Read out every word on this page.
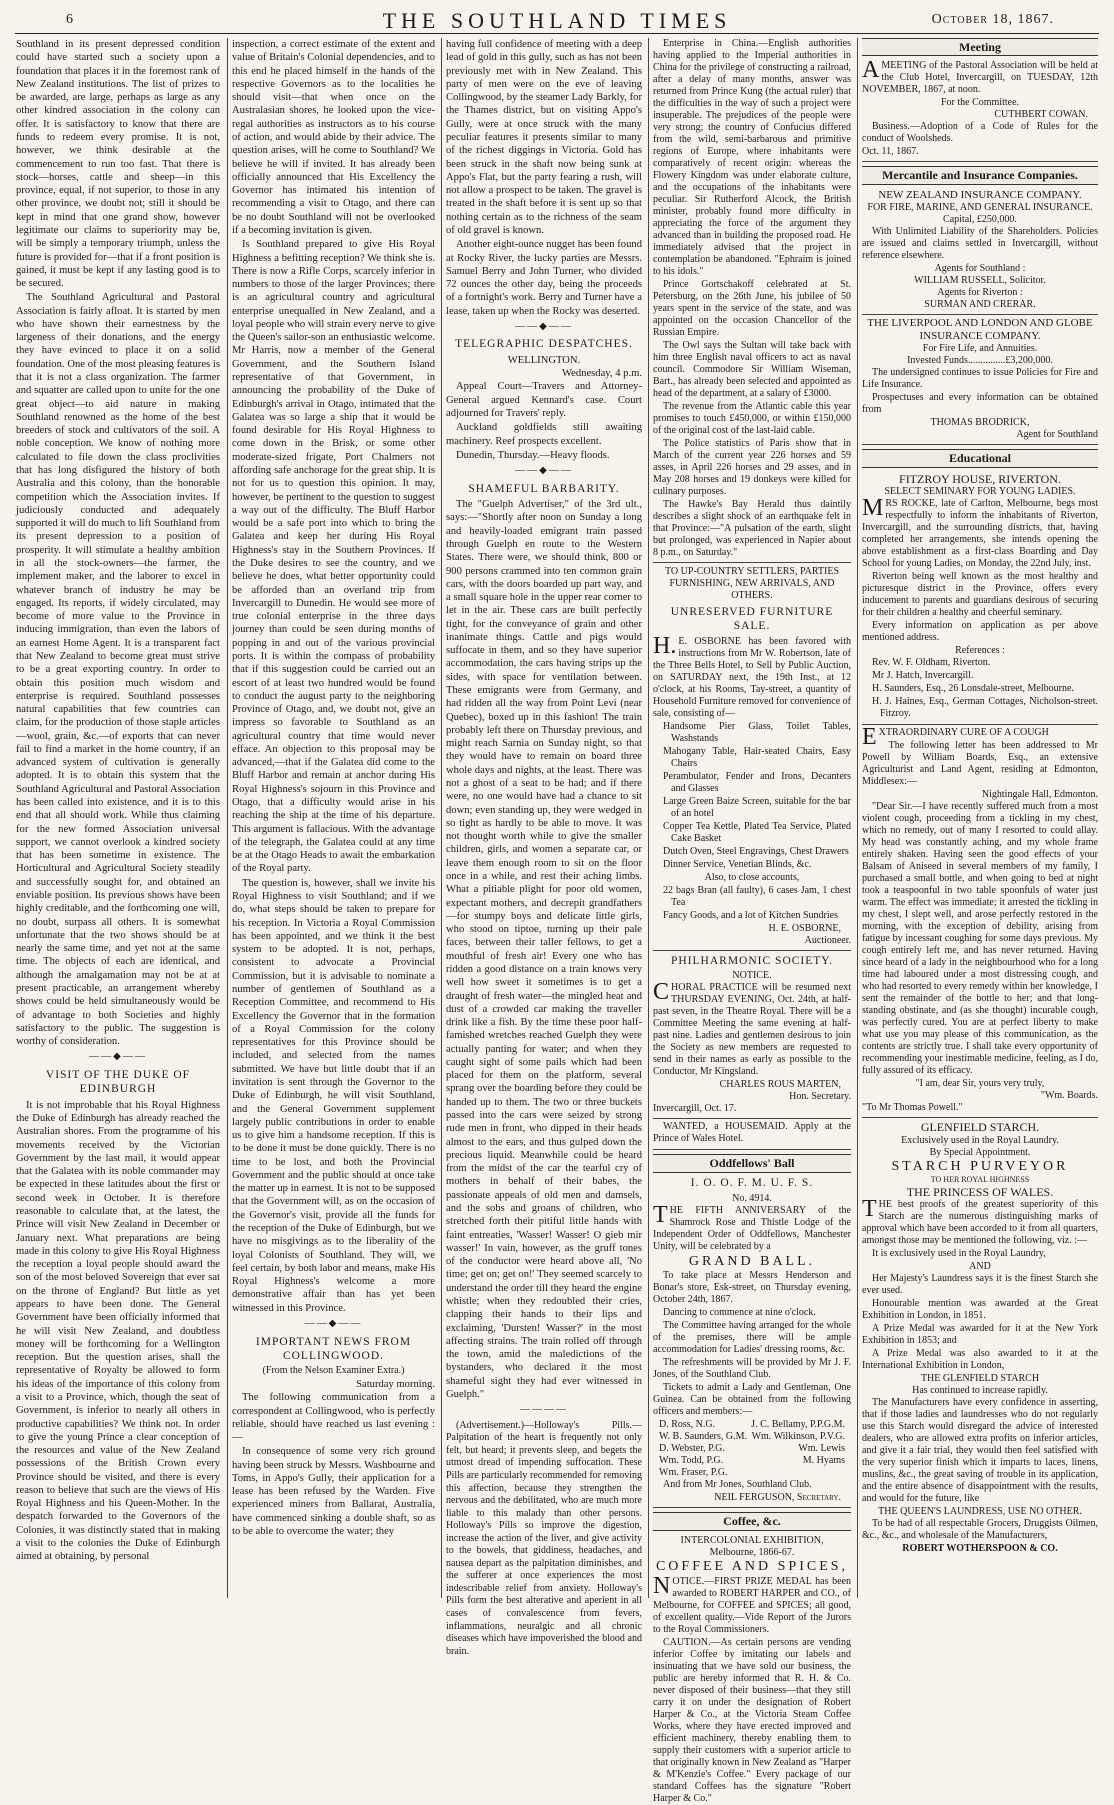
6	THE SOUTHLAND TIMES	October 18, 1867.

Southland in its present depressed condition could have started such a society upon a foundation that places it in the foremost rank of New Zealand institutions. The list of prizes to be awarded, are large, perhaps as large as any other kindred association in the colony can offer. It is satisfactory to know that there are funds to redeem every promise. It is not, however, we think desirable at the commencement to run too fast. That there is stock—horses, cattle and sheep—in this province, equal, if not superior, to those in any other province, we doubt not; still it should be kept in mind that one grand show, however legitimate our claims to superiority may be, will be simply a temporary triumph, unless the future is provided for—that if a front position is gained, it must be kept if any lasting good is to be secured.

The Southland Agricultural and Pastoral Association is fairly afloat. It is started by men who have shown their earnestness by the largeness of their donations, and the energy they have evinced to place it on a solid foundation. One of the most pleasing features is that it is not a class organization. The farmer and squatter are called upon to unite for the one great object—to aid nature in making Southland renowned as the home of the best breeders of stock and cultivators of the soil. A noble conception. We know of nothing more calculated to file down the class proclivities that has long disfigured the history of both Australia and this colony, than the honorable competition which the Association invites. If judiciously conducted and adequately supported it will do much to lift Southland from its present depression to a position of prosperity. It will stimulate a healthy ambition in all the stock-owners—the farmer, the implement maker, and the laborer to excel in whatever branch of industry he may be engaged. Its reports, if widely circulated, may become of more value to the Province in inducing immigration, than even the labors of an earnest Home Agent. It is a transparent fact that New Zealand to become great must strive to be a great exporting country. In order to obtain this position much wisdom and enterprise is required. Southland possesses natural capabilities that few countries can claim, for the production of those staple articles—wool, grain, &c.—of exports that can never fail to find a market in the home country, if an advanced system of cultivation is generally adopted. It is to obtain this system that the Southland Agricultural and Pastoral Association has been called into existence, and it is to this end that all should work. While thus claiming for the new formed Association universal support, we cannot overlook a kindred society that has been sometime in existence. The Horticultural and Agricultural Society steadily and successfully sought for, and obtained an enviable position. Its previous shows have been highly creditable, and the forthcoming one will, no doubt, surpass all others. It is somewhat unfortunate that the two shows should be at nearly the same time, and yet not at the same time. The objects of each are identical, and although the amalgamation may not be at at present practicable, an arrangement whereby shows could be held simultaneously would be of advantage to both Societies and highly satisfactory to the public. The suggestion is worthy of consideration.

——◆——
VISIT OF THE DUKE OF EDINBURGH

It is not improbable that his Royal Highness the Duke of Edinburgh has already reached the Australian shores. From the programme of his movements received by the Victorian Government by the last mail, it would appear that the Galatea with its noble commander may be expected in these latitudes about the first or second week in October. It is therefore reasonable to calculate that, at the latest, the Prince will visit New Zealand in December or January next. What preparations are being made in this colony to give His Royal Highness the reception a loyal people should award the son of the most beloved Sovereign that ever sat on the throne of England? But little as yet appears to have been done. The General Government have been officially informed that he will visit New Zealand, and doubtless money will be forthcoming for a Wellington reception. But the question arises, shall the representative of Royalty be allowed to form his ideas of the importance of this colony from a visit to a Province, which, though the seat of Government, is inferior to nearly all others in productive capabilities? We think not. In order to give the young Prince a clear conception of the resources and value of the New Zealand possessions of the British Crown every Province should be visited, and there is every reason to believe that such are the views of His Royal Highness and his Queen-Mother. In the despatch forwarded to the Governors of the Colonies, it was distinctly stated that in making a visit to the colonies the Duke of Edinburgh aimed at obtaining, by personal

inspection, a correct estimate of the extent and value of Britain's Colonial dependencies, and to this end he placed himself in the hands of the respective Governors as to the localities he should visit—that when once on the Australasian shores, he looked upon the vice-regal authorities as instructors as to his course of action, and would abide by their advice. The question arises, will he come to Southland? We believe he will if invited. It has already been officially announced that His Excellency the Governor has intimated his intention of recommending a visit to Otago, and there can be no doubt Southland will not be overlooked if a becoming invitation is given.

Is Southland prepared to give His Royal Highness a befitting reception? We think she is. There is now a Rifle Corps, scarcely inferior in numbers to those of the larger Provinces; there is an agricultural country and agricultural enterprise unequalled in New Zealand, and a loyal people who will strain every nerve to give the Queen's sailor-son an enthusiastic welcome. Mr Harris, now a member of the General Government, and the Southern Island representative of that Government, in announcing the probability of the Duke of Edinburgh's arrival in Otago, intimated that the Galatea was so large a ship that it would be found desirable for His Royal Highness to come down in the Brisk, or some other moderate-sized frigate, Port Chalmers not affording safe anchorage for the great ship. It is not for us to question this opinion. It may, however, be pertinent to the question to suggest a way out of the difficulty. The Bluff Harbor would be a safe port into which to bring the Galatea and keep her during His Royal Highness's stay in the Southern Provinces. If the Duke desires to see the country, and we believe he does, what better opportunity could be afforded than an overland trip from Invercargill to Dunedin. He would see more of true colonial enterprise in the three days journey than could be seen during months of popping in and out of the various provincial ports. It is within the compass of probability that if this suggestion could be carried out an escort of at least two hundred would be found to conduct the august party to the neighboring Province of Otago, and, we doubt not, give an impress so favorable to Southland as an agricultural country that time would never efface. An objection to this proposal may be advanced,—that if the Galatea did come to the Bluff Harbor and remain at anchor during His Royal Highness's sojourn in this Province and Otago, that a difficulty would arise in his reaching the ship at the time of his departure. This argument is fallacious. With the advantage of the telegraph, the Galatea could at any time be at the Otago Heads to await the embarkation of the Royal party.

The question is, however, shall we invite his Royal Highness to visit Southland; and if we do, what steps should be taken to prepare for his reception. In Victoria a Royal Commission has been appointed, and we think it the best system to be adopted. It is not, perhaps, consistent to advocate a Provincial Commission, but it is advisable to nominate a number of gentlemen of Southland as a Reception Committee, and recommend to His Excellency the Governor that in the formation of a Royal Commission for the colony representatives for this Province should be included, and selected from the names submitted. We have but little doubt that if an invitation is sent through the Governor to the Duke of Edinburgh, he will visit Southland, and the General Government supplement largely public contributions in order to enable us to give him a handsome reception. If this is to be done it must be done quickly. There is no time to be lost, and both the Provincial Government and the public should at once take the matter up in earnest. It is not to be supposed that the Government will, as on the occasion of the Governor's visit, provide all the funds for the reception of the Duke of Edinburgh, but we have no misgivings as to the liberality of the loyal Colonists of Southland. They will, we feel certain, by both labor and means, make His Royal Highness's welcome a more demonstrative affair than has yet been witnessed in this Province.

——◆——
IMPORTANT NEWS FROM COLLINGWOOD.
(From the Nelson Examiner Extra.)
Saturday morning.

The following communication from a correspondent at Collingwood, who is perfectly reliable, should have reached us last evening :—

In consequence of some very rich ground having been struck by Messrs. Washbourne and Toms, in Appo's Gully, their application for a lease has been refused by the Warden. Five experienced miners from Ballarat, Australia, have commenced sinking a double shaft, so as to be able to overcome the water; they

having full confidence of meeting with a deep lead of gold in this gully, such as has not been previously met with in New Zealand. This party of men were on the eve of leaving Collingwood, by the steamer Lady Barkly, for the Thames district, but on visiting Appo's Gully, were at once struck with the many peculiar features it presents similar to many of the richest diggings in Victoria. Gold has been struck in the shaft now being sunk at Appo's Flat, but the party fearing a rush, will not allow a prospect to be taken. The gravel is treated in the shaft before it is sent up so that nothing certain as to the richness of the seam of old gravel is known.

Another eight-ounce nugget has been found at Rocky River, the lucky parties are Messrs. Samuel Berry and John Turner, who divided 72 ounces the other day, being the proceeds of a fortnight's work. Berry and Turner have a lease, taken up when the Rocky was deserted.

——◆——
TELEGRAPHIC DESPATCHES.
WELLINGTON.
Wednesday, 4 p.m.

Appeal Court—Travers and Attorney-General argued Kennard's case. Court adjourned for Travers' reply.

Auckland goldfields still awaiting machinery. Reef prospects excellent.

Dunedin, Thursday.—Heavy floods.

——◆——
SHAMEFUL BARBARITY.

The "Guelph Advertiser," of the 3rd ult., says:—"Shortly after noon on Sunday a long and heavily-loaded emigrant train passed through Guelph en route to the Western States. There were, we should think, 800 or 900 persons crammed into ten common grain cars, with the doors boarded up part way, and a small square hole in the upper rear corner to let in the air. These cars are built perfectly tight, for the conveyance of grain and other inanimate things. Cattle and pigs would suffocate in them, and so they have superior accommodation, the cars having strips up the sides, with space for ventilation between. These emigrants were from Germany, and had ridden all the way from Point Levi (near Quebec), boxed up in this fashion! The train probably left there on Thursday previous, and might reach Sarnia on Sunday night, so that they would have to remain on board three whole days and nights, at the least. There was not a ghost of a seat to be had; and if there were, no one would have had a chance to sit down; even standing up, they were wedged in so tight as hardly to be able to move. It was not thought worth while to give the smaller children, girls, and women a separate car, or leave them enough room to sit on the floor once in a while, and rest their aching limbs. What a pitiable plight for poor old women, expectant mothers, and decrepit grandfathers—for stumpy boys and delicate little girls, who stood on tiptoe, turning up their pale faces, between their taller fellows, to get a mouthful of fresh air! Every one who has ridden a good distance on a train knows very well how sweet it sometimes is to get a draught of fresh water—the mingled heat and dust of a crowded car making the traveller drink like a fish. By the time these poor half-famished wretches reached Guelph they were actually panting for water; and when they caught sight of some pails which had been placed for them on the platform, several sprang over the boarding before they could be handed up to them. The two or three buckets passed into the cars were seized by strong rude men in front, who dipped in their heads almost to the ears, and thus gulped down the precious liquid. Meanwhile could be heard from the midst of the car the tearful cry of mothers in behalf of their babes, the passionate appeals of old men and damsels, and the sobs and groans of children, who stretched forth their pitiful little hands with faint entreaties, 'Wasser! Wasser! O gieb mir wasser!' In vain, however, as the gruff tones of the conductor were heard above all, 'No time; get on; get on!' They seemed scarcely to understand the order till they heard the engine whistle; when they redoubled their cries, clapping their hands to their lips and exclaiming, 'Dursten! Wasser?' in the most affecting strains. The train rolled off through the town, amid the maledictions of the bystanders, who declared it the most shameful sight they had ever witnessed in Guelph."

————

(Advertisement.)—Holloway's Pills.—Palpitation of the heart is frequently not only felt, but heard; it prevents sleep, and begets the utmost dread of impending suffocation. These Pills are particularly recommended for removing this affection, because they strengthen the nervous and the debilitated, who are much more liable to this malady than other persons. Holloway's Pills so improve the digestion, increase the action of the liver, and give activity to the bowels, that giddiness, headaches, and nausea depart as the palpitation diminishes, and the sufferer at once experiences the most indescribable relief from anxiety. Holloway's Pills form the best alterative and aperient in all cases of convalescence from fevers, inflammations, neuralgic and all chronic diseases which have impoverished the blood and brain.

Enterprise in China.—English authorities having applied to the Imperial authorities in China for the privilege of constructing a railroad, after a delay of many months, answer was returned from Prince Kung (the actual ruler) that the difficulties in the way of such a project were insuperable. The prejudices of the people were very strong; the country of Confucius differed from the wild, semi-barbarous and primitive regions of Europe, where inhabitants were comparatively of recent origin: whereas the Flowery Kingdom was under elaborate culture, and the occupations of the inhabitants were peculiar. Sir Rutherford Alcock, the British minister, probably found more difficulty in appreciating the force of the argument they advanced than in building the proposed road. He immediately advised that the project in contemplation be abandoned. "Ephraim is joined to his idols."

Prince Gortschakoff celebrated at St. Petersburg, on the 26th June, his jubilee of 50 years spent in the service of the state, and was appointed on the occasion Chancellor of the Russian Empire.

The Owl says the Sultan will take back with him three English naval officers to act as naval council. Commodore Sir William Wiseman, Bart., has already been selected and appointed as head of the department, at a salary of £3000.

The revenue from the Atlantic cable this year promises to touch £450,000, or within £150,000 of the original cost of the last-laid cable.

The Police statistics of Paris show that in March of the current year 226 horses and 59 asses, in April 226 horses and 29 asses, and in May 208 horses and 19 donkeys were killed for culinary purposes.

The Hawke's Bay Herald thus daintily describes a slight shock of an earthquake felt in that Province:—"A pulsation of the earth, slight but prolonged, was experienced in Napier about 8 p.m., on Saturday."

TO UP-COUNTRY SETTLERS, PARTIES FURNISHING, NEW ARRIVALS, AND OTHERS.
UNRESERVED FURNITURE SALE.

H.E. OSBORNE has been favored with instructions from Mr W. Robertson, late of the Three Bells Hotel, to Sell by Public Auction, on SATURDAY next, the 19th Inst., at 12 o'clock, at his Rooms, Tay-street, a quantity of Household Furniture removed for convenience of sale, consisting of—

Handsome Pier Glass, Toilet Tables, Washstands

Mahogany Table, Hair-seated Chairs, Easy Chairs

Perambulator, Fender and Irons, Decanters and Glasses

Large Green Baize Screen, suitable for the bar of an hotel

Copper Tea Kettle, Plated Tea Service, Plated Cake Basket

Dutch Oven, Steel Engravings, Chest Drawers

Dinner Service, Venetian Blinds, &c.

Also, to close accounts,

22 bags Bran (all faulty), 6 cases Jam, 1 chest Tea

Fancy Goods, and a lot of Kitchen Sundries

H. E. OSBORNE,
Auctioneer.
PHILHARMONIC SOCIETY.
NOTICE.

CHORAL PRACTICE will be resumed next THURSDAY EVENING, Oct. 24th, at half-past seven, in the Theatre Royal. There will be a Committee Meeting the same evening at half-past nine. Ladies and gentlemen desirous to join the Society as new members are requested to send in their names as early as possible to the Conductor, Mr Kingsland.

CHARLES ROUS MARTEN,
Hon. Secretary.
Invercargill, Oct. 17.

WANTED, a HOUSEMAID. Apply at the Prince of Wales Hotel.

Oddfellows' Ball
I. O. O. F. M. U. F. S.
No. 4914.

THE FIFTH ANNIVERSARY of the Shamrock Rose and Thistle Lodge of the Independent Order of Oddfellows, Manchester Unity, will be celebrated by a

GRAND BALL.

To take place at Messrs Henderson and Bonar's store, Esk-street, on Thursday evening, October 24th, 1867.

Dancing to commence at nine o'clock.

The Committee having arranged for the whole of the premises, there will be ample accommodation for Ladies' dressing rooms, &c.

The refreshments will be provided by Mr J. F. Jones, of the Southland Club.

Tickets to admit a Lady and Gentleman, One Guinea. Can be obtained from the following officers and members:—

D. Ross, N.G.	J. C. Bellamy, P.P.G.M.
W. B. Saunders, G.M. Wm. Wilkinson, P.V.G.
D. Webster, P.G.	Wm. Lewis
Wm. Todd, P.G.	M. Hyams
Wm. Fraser, P.G.

And from Mr Jones, Southland Club.

NEIL FERGUSON, Secretary.
Coffee, &c.
INTERCOLONIAL EXHIBITION,
Melbourne, 1866-67.
COFFEE AND SPICES,

NOTICE.—FIRST PRIZE MEDAL has been awarded to ROBERT HARPER and CO., of Melbourne, for COFFEE and SPICES; all good, of excellent quality.—Vide Report of the Jurors to the Royal Commissioners.

CAUTION.—As certain persons are vending inferior Coffee by imitating our labels and insinuating that we have sold our business, the public are hereby informed that R. H. & Co. never disposed of their business—that they still carry it on under the designation of Robert Harper & Co., at the Victoria Steam Coffee Works, where they have erected improved and efficient machinery, thereby enabling them to supply their customers with a superior article to that originally known in New Zealand as "Harper & M'Kenzie's Coffee." Every package of our standard Coffees has the signature "Robert Harper & Co."

Meeting

AMEETING of the Pastoral Association will be held at the Club Hotel, Invercargill, on TUESDAY, 12th NOVEMBER, 1867, at noon.

For the Committee.
CUTHBERT COWAN.

Business.—Adoption of a Code of Rules for the conduct of Woolsheds.

Oct. 11, 1867.
Mercantile and Insurance Companies.
NEW ZEALAND INSURANCE COMPANY.
FOR FIRE, MARINE, AND GENERAL INSURANCE.
Capital, £250,000.

With Unlimited Liability of the Shareholders. Policies are issued and claims settled in Invercargill, without reference elsewhere.

Agents for Southland :
WILLIAM RUSSELL, Solicitor.
Agents for Riverton :
SURMAN AND CRERAR.
THE LIVERPOOL AND LONDON AND GLOBE INSURANCE COMPANY.
For Fire Life, and Annuities.
Invested Funds...............£3,200,000.

The undersigned continues to issue Policies for Fire and Life Insurance.

Prospectuses and every information can be obtained from

THOMAS BRODRICK,
Agent for Southland
Educational
FITZROY HOUSE, RIVERTON.
SELECT SEMINARY FOR YOUNG LADIES.

MRS ROCKE, late of Carlton, Melbourne, begs most respectfully to inform the inhabitants of Riverton, Invercargill, and the surrounding districts, that, having completed her arrangements, she intends opening the above establishment as a first-class Boarding and Day School for young Ladies, on Monday, the 22nd July, inst.

Riverton being well known as the most healthy and picturesque district in the Province, offers every inducement to parents and guardians desirous of securing for their children a healthy and cheerful seminary.

Every information on application as per above mentioned address.

References :

Rev. W. F. Oldham, Riverton.

Mr J. Hatch, Invercargill.

H. Saunders, Esq., 26 Lonsdale-street, Melbourne.

H. J. Haines, Esq., German Cottages, Nicholson-street. Fitzroy.

EXTRAORDINARY CURE OF A COUGH

The following letter has been addressed to Mr Powell by William Boards, Esq., an extensive Agriculturist and Land Agent, residing at Edmonton, Middlesex:—

Nightingale Hall, Edmonton.

"Dear Sir.—I have recently suffered much from a most violent cough, proceeding from a tickling in my chest, which no remedy, out of many I resorted to could allay. My head was constantly aching, and my whole frame entirely shaken. Having seen the good effects of your Balsam of Aniseed in several members of my family, I purchased a small bottle, and when going to bed at night took a teaspoonful in two table spoonfuls of water just warm. The effect was immediate; it arrested the tickling in my chest, I slept well, and arose perfectly restored in the morning, with the exception of debility, arising from fatigue by incessant coughing for some days previous. My cough entirely left me, and has never returned. Having since heard of a lady in the neighbourhood who for a long time had laboured under a most distressing cough, and who had resorted to every remedy within her knowledge, I sent the remainder of the bottle to her; and that long-standing obstinate, and (as she thought) incurable cough, was perfectly cured. You are at perfect liberty to make what use you may please of this communication, as the contents are strictly true. I shall take every opportunity of recommending your inestimable medicine, feeling, as I do, fully assured of its efficacy.

"I am, dear Sir, yours very truly,
"Wm. Boards.
"To Mr Thomas Powell."
GLENFIELD STARCH.
Exclusively used in the Royal Laundry.
By Special Appointment.
STARCH PURVEYOR
TO HER ROYAL HIGHNESS
THE PRINCESS OF WALES.

THE best proofs of the greatest superiority of this Starch are the numerous distinguishing marks of approval which have been accorded to it from all quarters, amongst those may be mentioned the following, viz. :—

It is exclusively used in the Royal Laundry,

AND

Her Majesty's Laundress says it is the finest Starch she ever used.

Honourable mention was awarded at the Great Exhibition in London, in 1851.

A Prize Medal was awarded for it at the New York Exhibition in 1853; and

A Prize Medal was also awarded to it at the International Exhibition in London,

THE GLENFIELD STARCH
Has continued to increase rapidly.

The Manufacturers have every confidence in asserting, that if those ladies and laundresses who do not regularly use this Starch would disregard the advice of interested dealers, who are allowed extra profits on inferior articles, and give it a fair trial, they would then feel satisfied with the very superior finish which it imparts to laces, linens, muslins, &c., the great saving of trouble in its application, and the entire absence of disappointment with the results, and would for the future, like

THE QUEEN'S LAUNDRESS, USE NO OTHER.

To be had of all respectable Grocers, Druggists Oilmen, &c., &c., and wholesale of the Manufacturers,

ROBERT WOTHERSPOON & CO.
